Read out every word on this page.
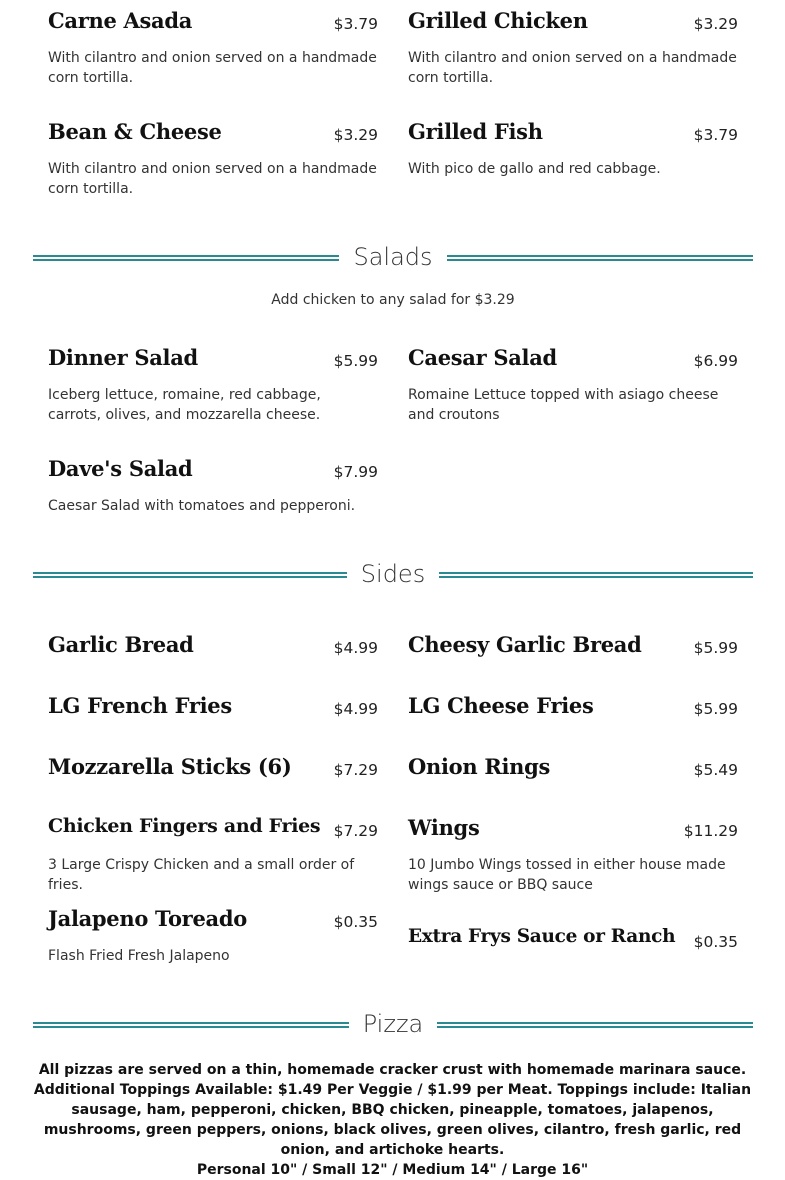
Carne Asada	$3.79
With cilantro and onion served on a handmade corn tortilla.
Grilled Chicken	$3.29
With cilantro and onion served on a handmade corn tortilla.
Bean & Cheese	$3.29
With cilantro and onion served on a handmade corn tortilla.
Grilled Fish	$3.79
With pico de gallo and red cabbage.
Salads
Add chicken to any salad for $3.29
Dinner Salad	$5.99
Iceberg lettuce, romaine, red cabbage, carrots, olives, and mozzarella cheese.
Caesar Salad	$6.99
Romaine Lettuce topped with asiago cheese and croutons
Dave's Salad	$7.99
Caesar Salad with tomatoes and pepperoni.
Sides
Garlic Bread	$4.99 Cheesy Garlic Bread	$5.99
LG French Fries	$4.99 LG Cheese Fries	$5.99
Mozzarella Sticks (6)	$7.29 Onion Rings	$5.49
Chicken Fingers and Fries $7.29
3 Large Crispy Chicken and a small order of fries.
Wings	$11.29
10 Jumbo Wings tossed in either house made wings sauce or BBQ sauce
Jalapeno Toreado	$0.35
Flash Fried Fresh Jalapeno
Extra Frys Sauce or Ranch $0.35
Pizza
All pizzas are served on a thin, homemade cracker crust with homemade marinara sauce. Additional Toppings Available: $1.49 Per Veggie / $1.99 per Meat. Toppings include: Italian sausage, ham, pepperoni, chicken, BBQ chicken, pineapple, tomatoes, jalapenos, mushrooms, green peppers, onions, black olives, green olives, cilantro, fresh garlic, red onion, and artichoke hearts.
Personal 10" / Small 12" / Medium 14" / Large 16"
